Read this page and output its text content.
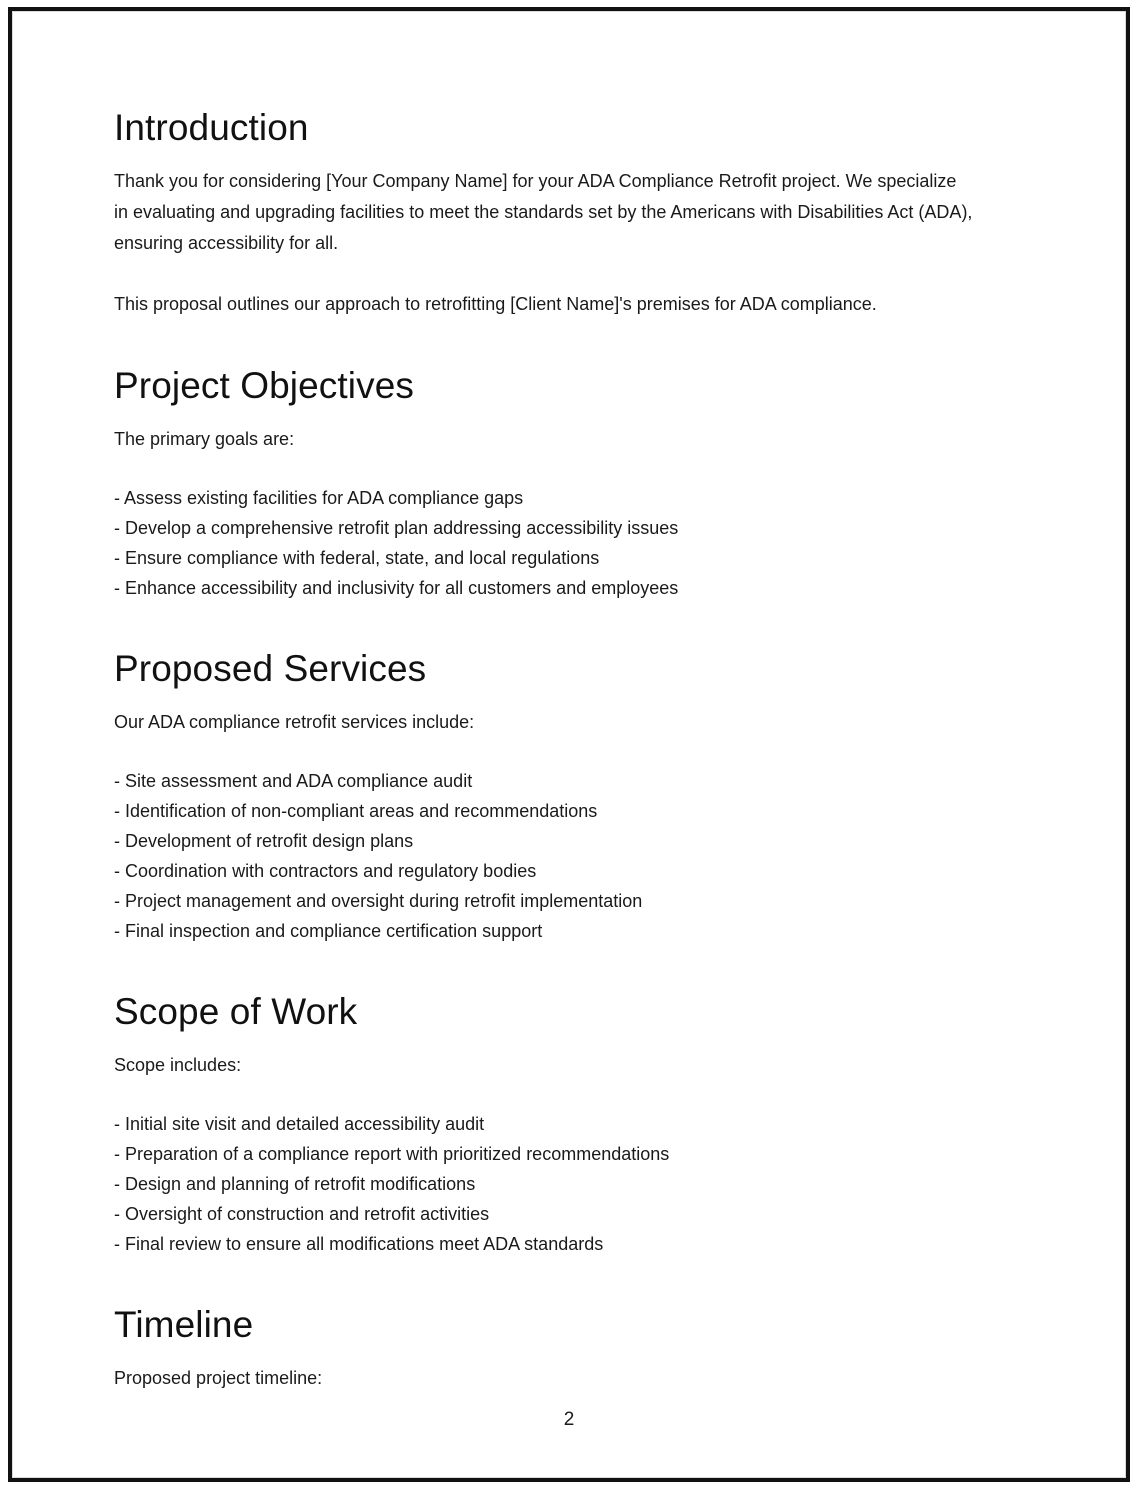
Introduction

Thank you for considering [Your Company Name] for your ADA Compliance Retrofit project. We specialize in evaluating and upgrading facilities to meet the standards set by the Americans with Disabilities Act (ADA), ensuring accessibility for all.

This proposal outlines our approach to retrofitting [Client Name]'s premises for ADA compliance.

Project Objectives

The primary goals are:

- Assess existing facilities for ADA compliance gaps
- Develop a comprehensive retrofit plan addressing accessibility issues
- Ensure compliance with federal, state, and local regulations
- Enhance accessibility and inclusivity for all customers and employees
Proposed Services

Our ADA compliance retrofit services include:

- Site assessment and ADA compliance audit
- Identification of non-compliant areas and recommendations
- Development of retrofit design plans
- Coordination with contractors and regulatory bodies
- Project management and oversight during retrofit implementation
- Final inspection and compliance certification support
Scope of Work

Scope includes:

- Initial site visit and detailed accessibility audit
- Preparation of a compliance report with prioritized recommendations
- Design and planning of retrofit modifications
- Oversight of construction and retrofit activities
- Final review to ensure all modifications meet ADA standards
Timeline

Proposed project timeline:

2
